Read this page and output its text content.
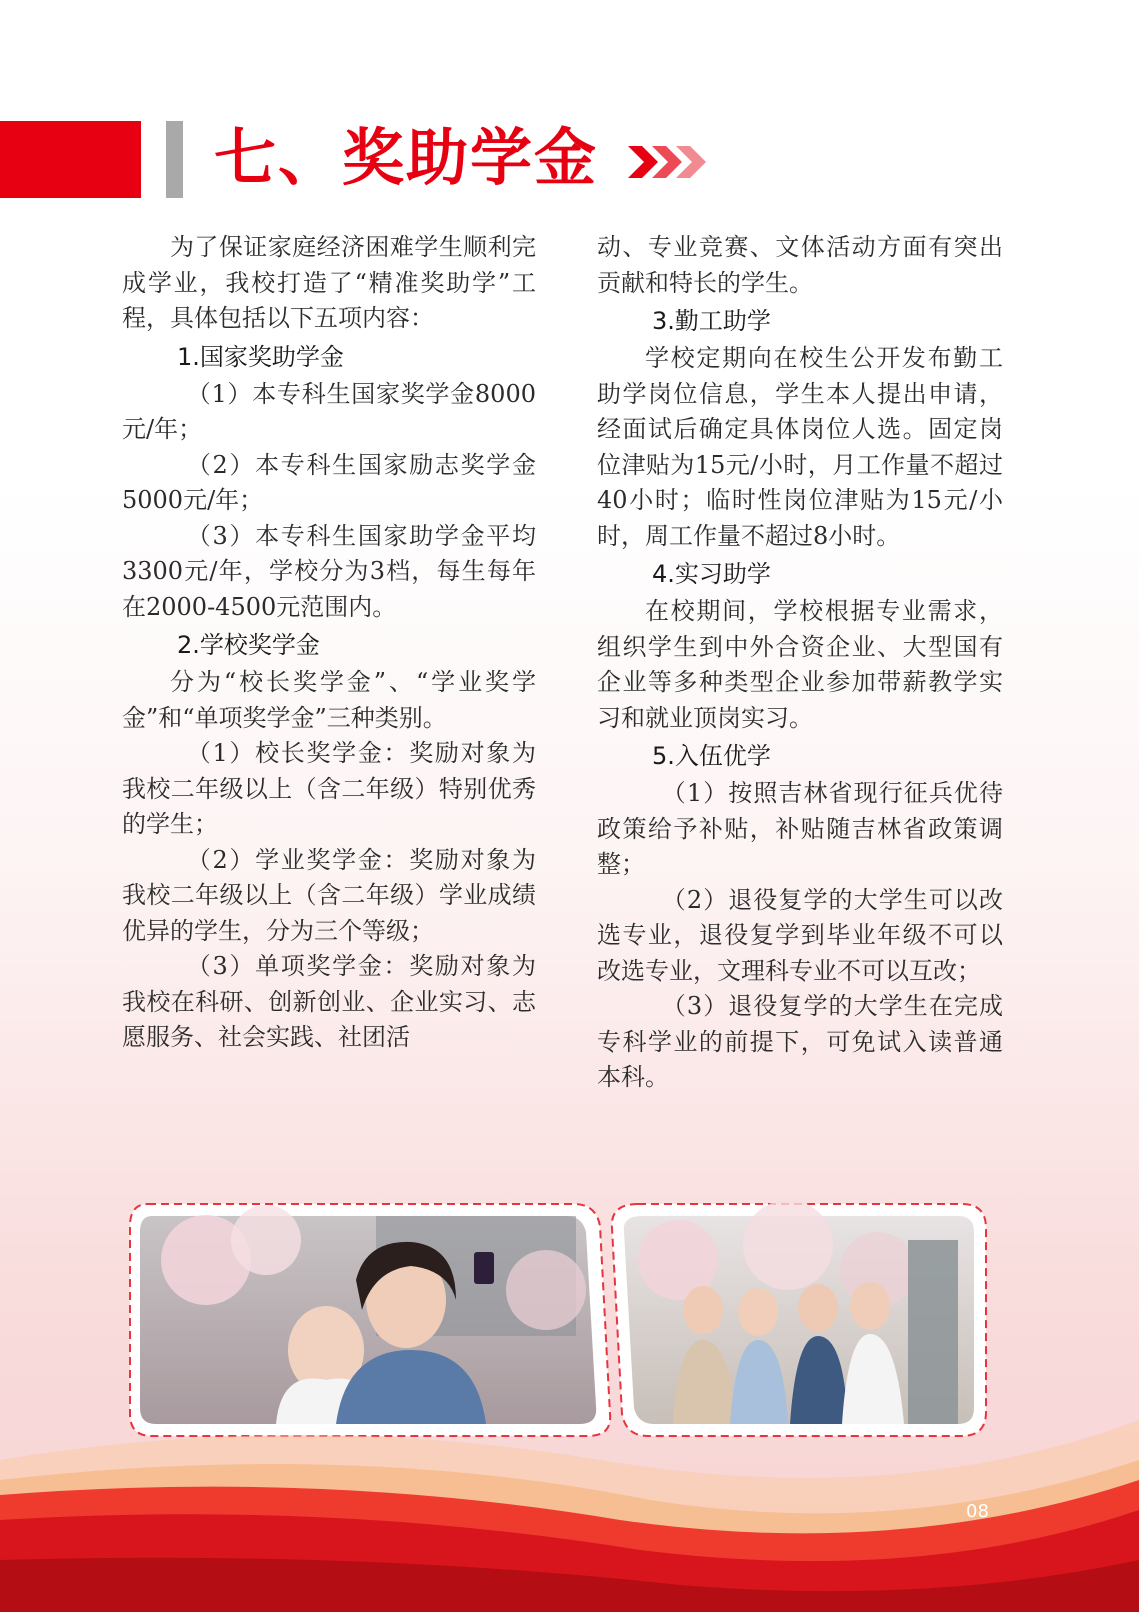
七、奖助学金

为了保证家庭经济困难学生顺利完成学业，我校打造了“精准奖助学”工程，具体包括以下五项内容：

1.国家奖助学金

（1）本专科生国家奖学金8000元/年；

（2）本专科生国家励志奖学金5000元/年；

（3）本专科生国家助学金平均3300元/年，学校分为3档，每生每年在2000-4500元范围内。

2.学校奖学金

分为“校长奖学金”、“学业奖学金”和“单项奖学金”三种类别。

（1）校长奖学金：奖励对象为我校二年级以上（含二年级）特别优秀的学生；

（2）学业奖学金：奖励对象为我校二年级以上（含二年级）学业成绩优异的学生，分为三个等级；

（3）单项奖学金：奖励对象为我校在科研、创新创业、企业实习、志愿服务、社会实践、社团活

动、专业竞赛、文体活动方面有突出贡献和特长的学生。

3.勤工助学

学校定期向在校生公开发布勤工助学岗位信息，学生本人提出申请，经面试后确定具体岗位人选。固定岗位津贴为15元/小时，月工作量不超过40小时；临时性岗位津贴为15元/小时，周工作量不超过8小时。

4.实习助学

在校期间，学校根据专业需求，组织学生到中外合资企业、大型国有企业等多种类型企业参加带薪教学实习和就业顶岗实习。

5.入伍优学

（1）按照吉林省现行征兵优待政策给予补贴，补贴随吉林省政策调整；

（2）退役复学的大学生可以改选专业，退役复学到毕业年级不可以改选专业，文理科专业不可以互改；

（3）退役复学的大学生在完成专科学业的前提下，可免试入读普通本科。

08
